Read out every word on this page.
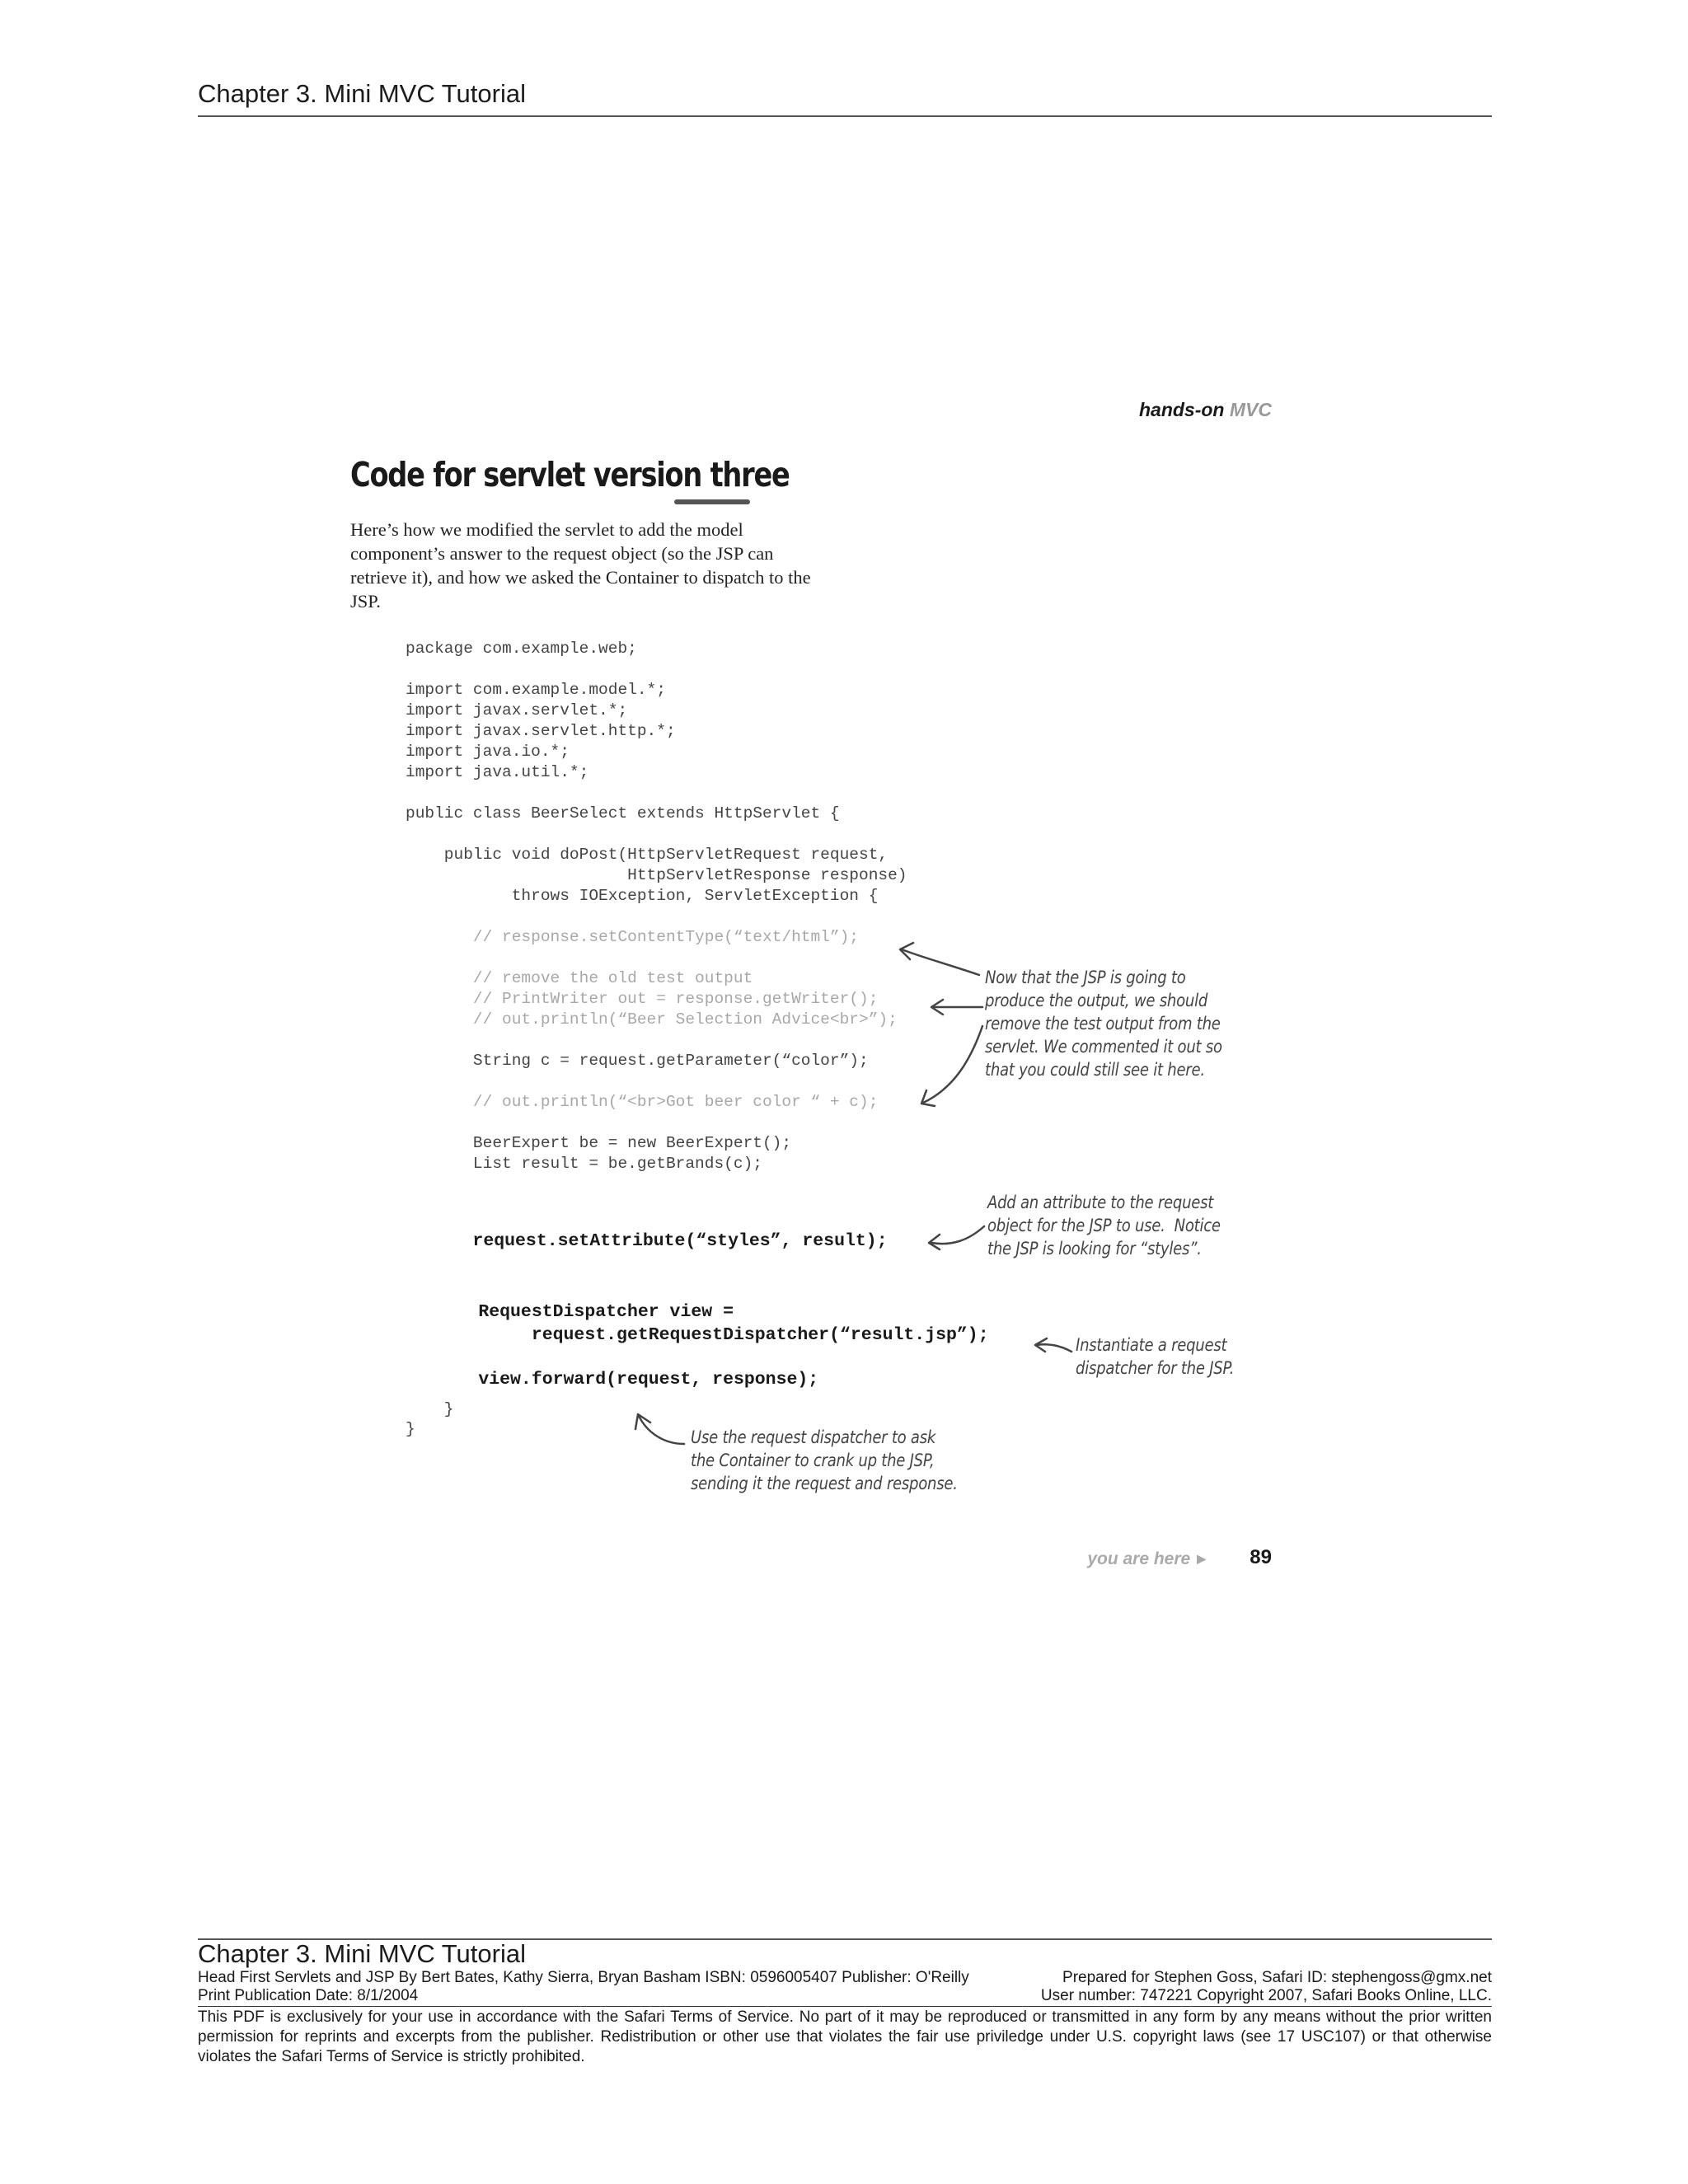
Chapter 3. Mini MVC Tutorial
hands-on MVC
Code for servlet version three
Here’s how we modified the servlet to add the model component’s answer to the request object (so the JSP can retrieve it), and how we asked the Container to dispatch to the JSP.
package com.example.web;
import com.example.model.*;
import javax.servlet.*;
import javax.servlet.http.*;
import java.io.*;
import java.util.*;
public class BeerSelect extends HttpServlet {
public void doPost(HttpServletRequest request,
HttpServletResponse response)
throws IOException, ServletException {
// response.setContentType(“text/html”);
// remove the old test output
// PrintWriter out = response.getWriter();
// out.println(“Beer Selection Advice<br>”);
String c = request.getParameter(“color”);
// out.println(“<br>Got beer color “ + c);
BeerExpert be = new BeerExpert();
List result = be.getBrands(c);
request.setAttribute(“styles”, result);
RequestDispatcher view =
request.getRequestDispatcher(“result.jsp”);
view.forward(request, response);
}
}
Now that the JSP is going to
produce the output, we should
remove the test output from the
servlet. We commented it out so
that you could still see it here.
Add an attribute to the request
object for the JSP to use.  Notice
the JSP is looking for “styles”.
Instantiate a request
dispatcher for the JSP.
Use the request dispatcher to ask
the Container to crank up the JSP,
sending it the request and response.
you are here ▶ 89
Chapter 3. Mini MVC Tutorial
Head First Servlets and JSP By Bert Bates, Kathy Sierra, Bryan Basham ISBN: 0596005407 Publisher: O'Reilly	Prepared for Stephen Goss, Safari ID: stephengoss@gmx.net
Print Publication Date: 8/1/2004	User number: 747221 Copyright 2007, Safari Books Online, LLC.
This PDF is exclusively for your use in accordance with the Safari Terms of Service. No part of it may be reproduced or transmitted in any form by any means without the prior written permission for reprints and excerpts from the publisher. Redistribution or other use that violates the fair use priviledge under U.S. copyright laws (see 17 USC107) or that otherwise violates the Safari Terms of Service is strictly prohibited.
